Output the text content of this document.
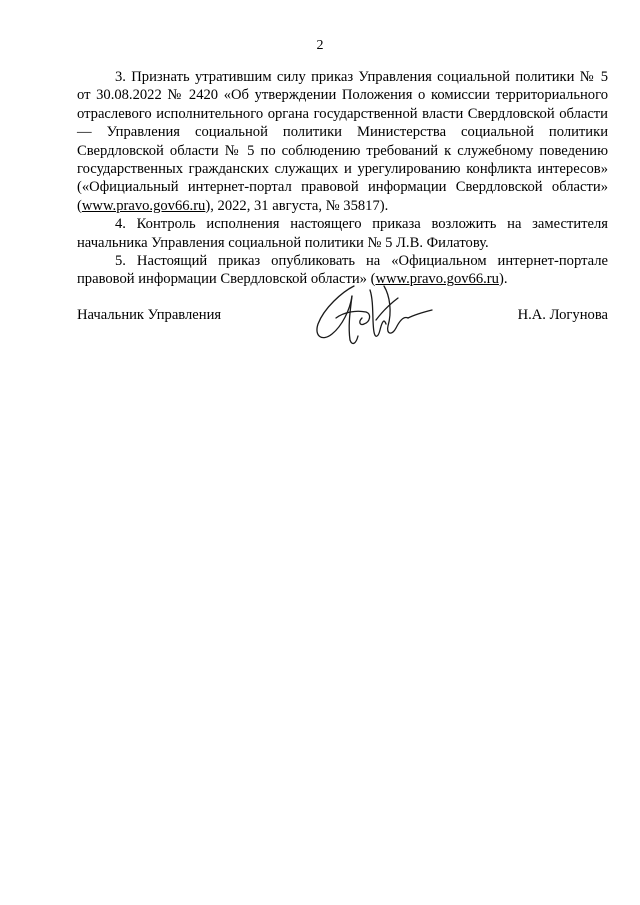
2

3. Признать утратившим силу приказ Управления социальной политики № 5 от 30.08.2022 № 2420 «Об утверждении Положения о комиссии территориального отраслевого исполнительного органа государственной власти Свердловской области — Управления социальной политики Министерства социальной политики Свердловской области № 5 по соблюдению требований к служебному поведению государственных гражданских служащих и урегулированию конфликта интересов» («Официальный интернет-портал правовой информации Свердловской области» (www.pravo.gov66.ru), 2022, 31 августа, № 35817).

4. Контроль исполнения настоящего приказа возложить на заместителя начальника Управления социальной политики № 5 Л.В. Филатову.

5. Настоящий приказ опубликовать на «Официальном интернет-портале правовой информации Свердловской области» (www.pravo.gov66.ru).

Начальник Управления	Н.А. Логунова
